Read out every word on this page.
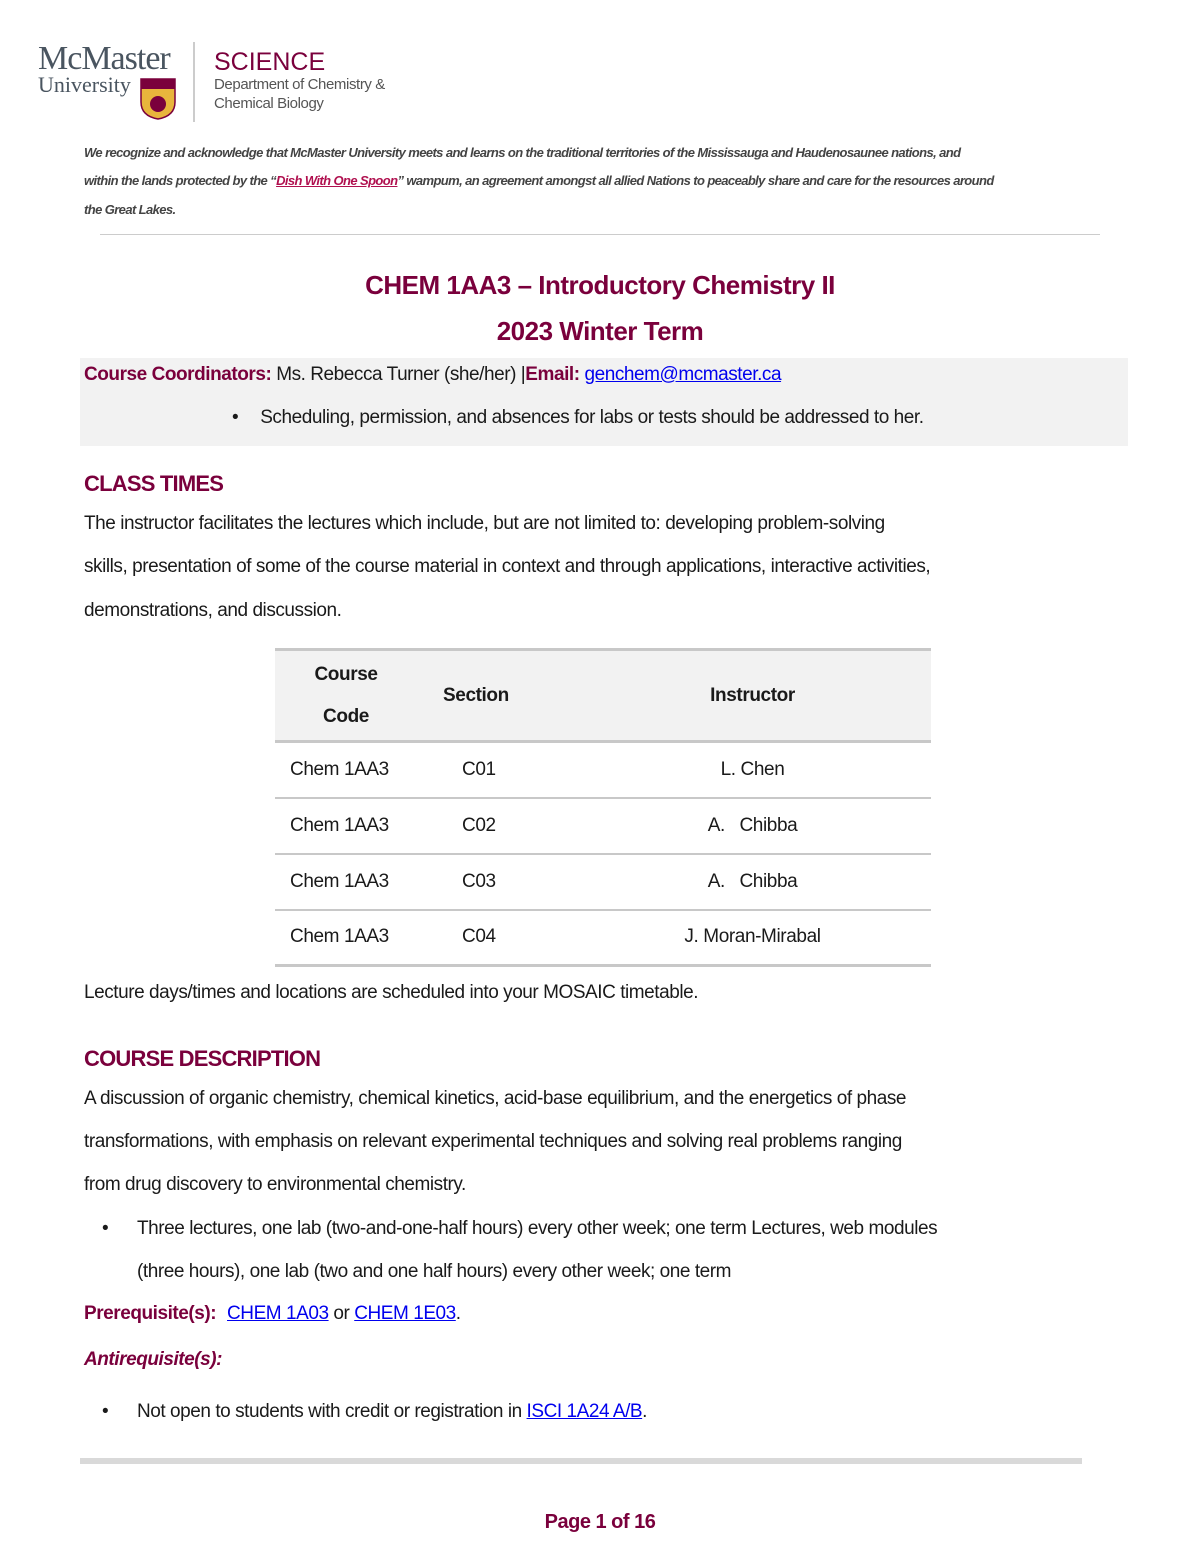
McMaster
University
SCIENCE
Department of Chemistry &
Chemical Biology
We recognize and acknowledge that McMaster University meets and learns on the traditional territories of the Mississauga and Haudenosaunee nations, and
within the lands protected by the “Dish With One Spoon” wampum, an agreement amongst all allied Nations to peaceably share and care for the resources around
the Great Lakes.
CHEM 1AA3 – Introductory Chemistry II
2023 Winter Term
Course Coordinators: Ms. Rebecca Turner (she/her) |Email: genchem@mcmaster.ca
• Scheduling, permission, and absences for labs or tests should be addressed to her.
CLASS TIMES
The instructor facilitates the lectures which include, but are not limited to: developing problem-solving
skills, presentation of some of the course material in context and through applications, interactive activities,
demonstrations, and discussion.
Course
Code	Section	Instructor
Chem 1AA3	C01	L. Chen
Chem 1AA3	C02	A.   Chibba
Chem 1AA3	C03	A.   Chibba
Chem 1AA3	C04	J. Moran-Mirabal
Lecture days/times and locations are scheduled into your MOSAIC timetable.
COURSE DESCRIPTION
A discussion of organic chemistry, chemical kinetics, acid-base equilibrium, and the energetics of phase
transformations, with emphasis on relevant experimental techniques and solving real problems ranging
from drug discovery to environmental chemistry.
• Three lectures, one lab (two-and-one-half hours) every other week; one term Lectures, web modules
(three hours), one lab (two and one half hours) every other week; one term
Prerequisite(s): CHEM 1A03 or CHEM 1E03.
Antirequisite(s):
• Not open to students with credit or registration in ISCI 1A24 A/B.
Page 1 of 16
